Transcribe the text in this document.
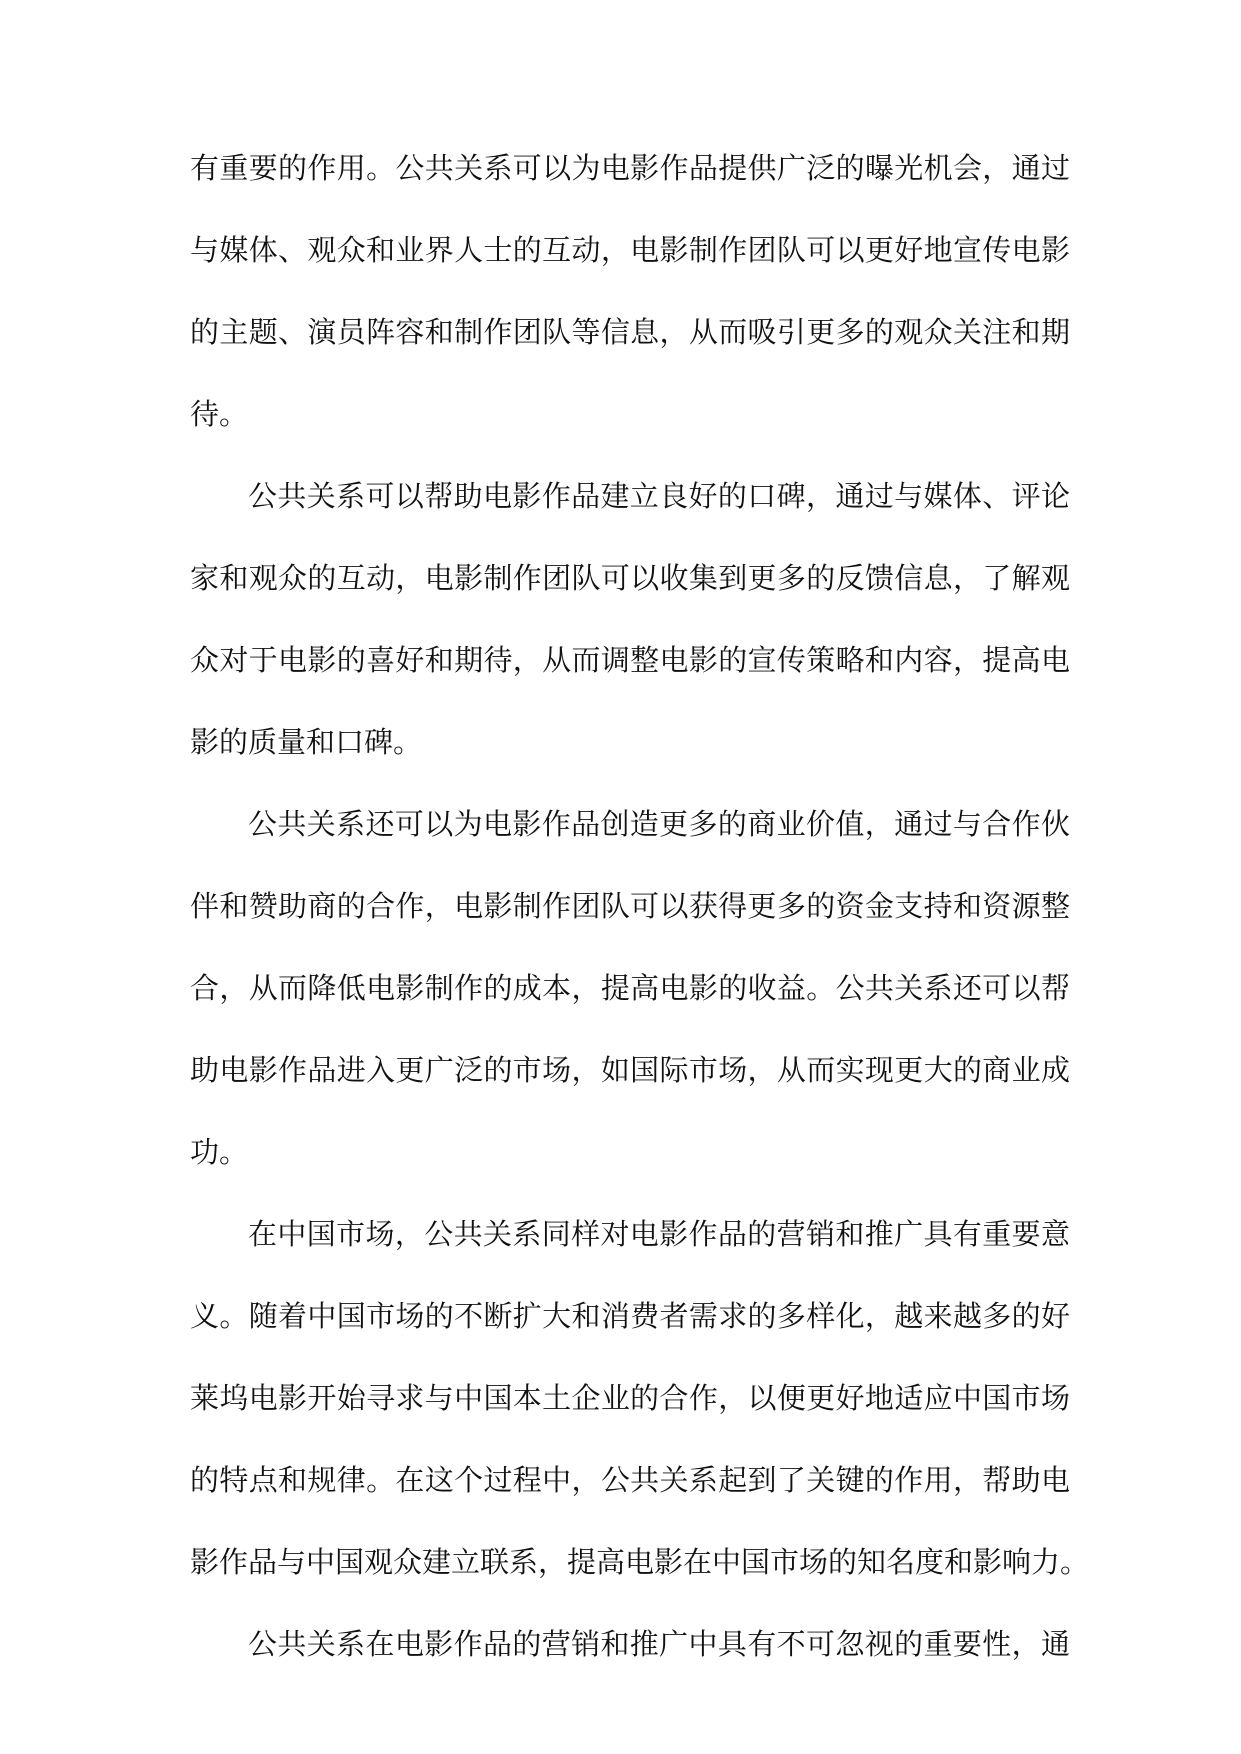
有重要的作用。公共关系可以为电影作品提供广泛的曝光机会，通过
与媒体、观众和业界人士的互动，电影制作团队可以更好地宣传电影
的主题、演员阵容和制作团队等信息，从而吸引更多的观众关注和期
待。
公共关系可以帮助电影作品建立良好的口碑，通过与媒体、评论
家和观众的互动，电影制作团队可以收集到更多的反馈信息，了解观
众对于电影的喜好和期待，从而调整电影的宣传策略和内容，提高电
影的质量和口碑。
公共关系还可以为电影作品创造更多的商业价值，通过与合作伙
伴和赞助商的合作，电影制作团队可以获得更多的资金支持和资源整
合，从而降低电影制作的成本，提高电影的收益。公共关系还可以帮
助电影作品进入更广泛的市场，如国际市场，从而实现更大的商业成
功。
在中国市场，公共关系同样对电影作品的营销和推广具有重要意
义。随着中国市场的不断扩大和消费者需求的多样化，越来越多的好
莱坞电影开始寻求与中国本土企业的合作，以便更好地适应中国市场
的特点和规律。在这个过程中，公共关系起到了关键的作用，帮助电
影作品与中国观众建立联系，提高电影在中国市场的知名度和影响力。
公共关系在电影作品的营销和推广中具有不可忽视的重要性，通
